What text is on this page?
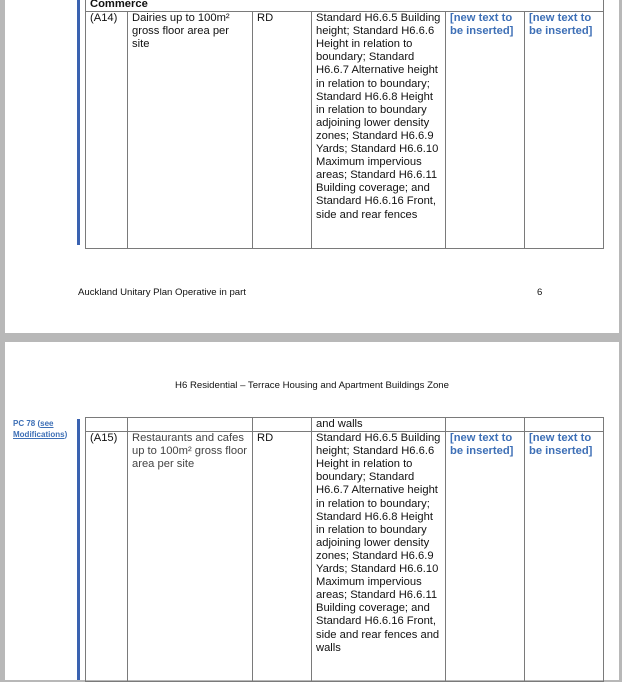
Commerce
(A14)	Dairies up to 100m² gross floor area per site	RD	Standard H6.6.5 Building height; Standard H6.6.6 Height in relation to boundary; Standard H6.6.7 Alternative height in relation to boundary; Standard H6.6.8 Height in relation to boundary adjoining lower density zones; Standard H6.6.9 Yards; Standard H6.6.10 Maximum impervious areas; Standard H6.6.11 Building coverage; and Standard H6.6.16 Front, side and rear fences	[new text to be inserted]	[new text to be inserted]
Auckland Unitary Plan Operative in part	6
H6 Residential – Terrace Housing and Apartment Buildings Zone
PC 78 (see Modifications)
			and walls		
(A15)	Restaurants and cafes up to 100m² gross floor area per site	RD	Standard H6.6.5 Building height; Standard H6.6.6 Height in relation to boundary; Standard H6.6.7 Alternative height in relation to boundary; Standard H6.6.8 Height in relation to boundary adjoining lower density zones; Standard H6.6.9 Yards; Standard H6.6.10 Maximum impervious areas; Standard H6.6.11 Building coverage; and Standard H6.6.16 Front, side and rear fences and walls	[new text to be inserted]	[new text to be inserted]
